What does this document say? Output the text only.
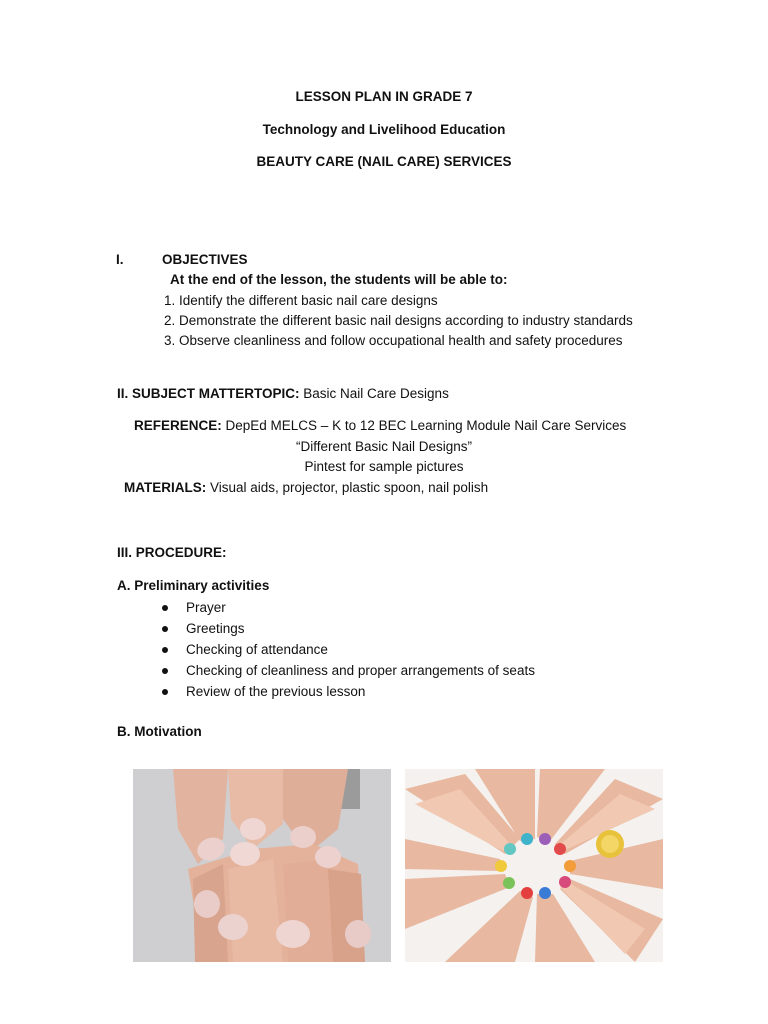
LESSON PLAN IN GRADE 7
Technology and Livelihood Education
BEAUTY CARE (NAIL CARE) SERVICES
I.	OBJECTIVES
At the end of the lesson, the students will be able to:
1. Identify the different basic nail care designs
2. Demonstrate the different basic nail designs according to industry standards
3. Observe cleanliness and follow occupational health and safety procedures
II. SUBJECT MATTERTOPIC: Basic Nail Care Designs
REFERENCE: DepEd MELCS – K to 12 BEC Learning Module Nail Care Services
“Different Basic Nail Designs”
Pintest for sample pictures
MATERIALS: Visual aids, projector, plastic spoon, nail polish
III. PROCEDURE:
A. Preliminary activities
Prayer
Greetings
Checking of attendance
Checking of cleanliness and proper arrangements of seats
Review of the previous lesson
B. Motivation
